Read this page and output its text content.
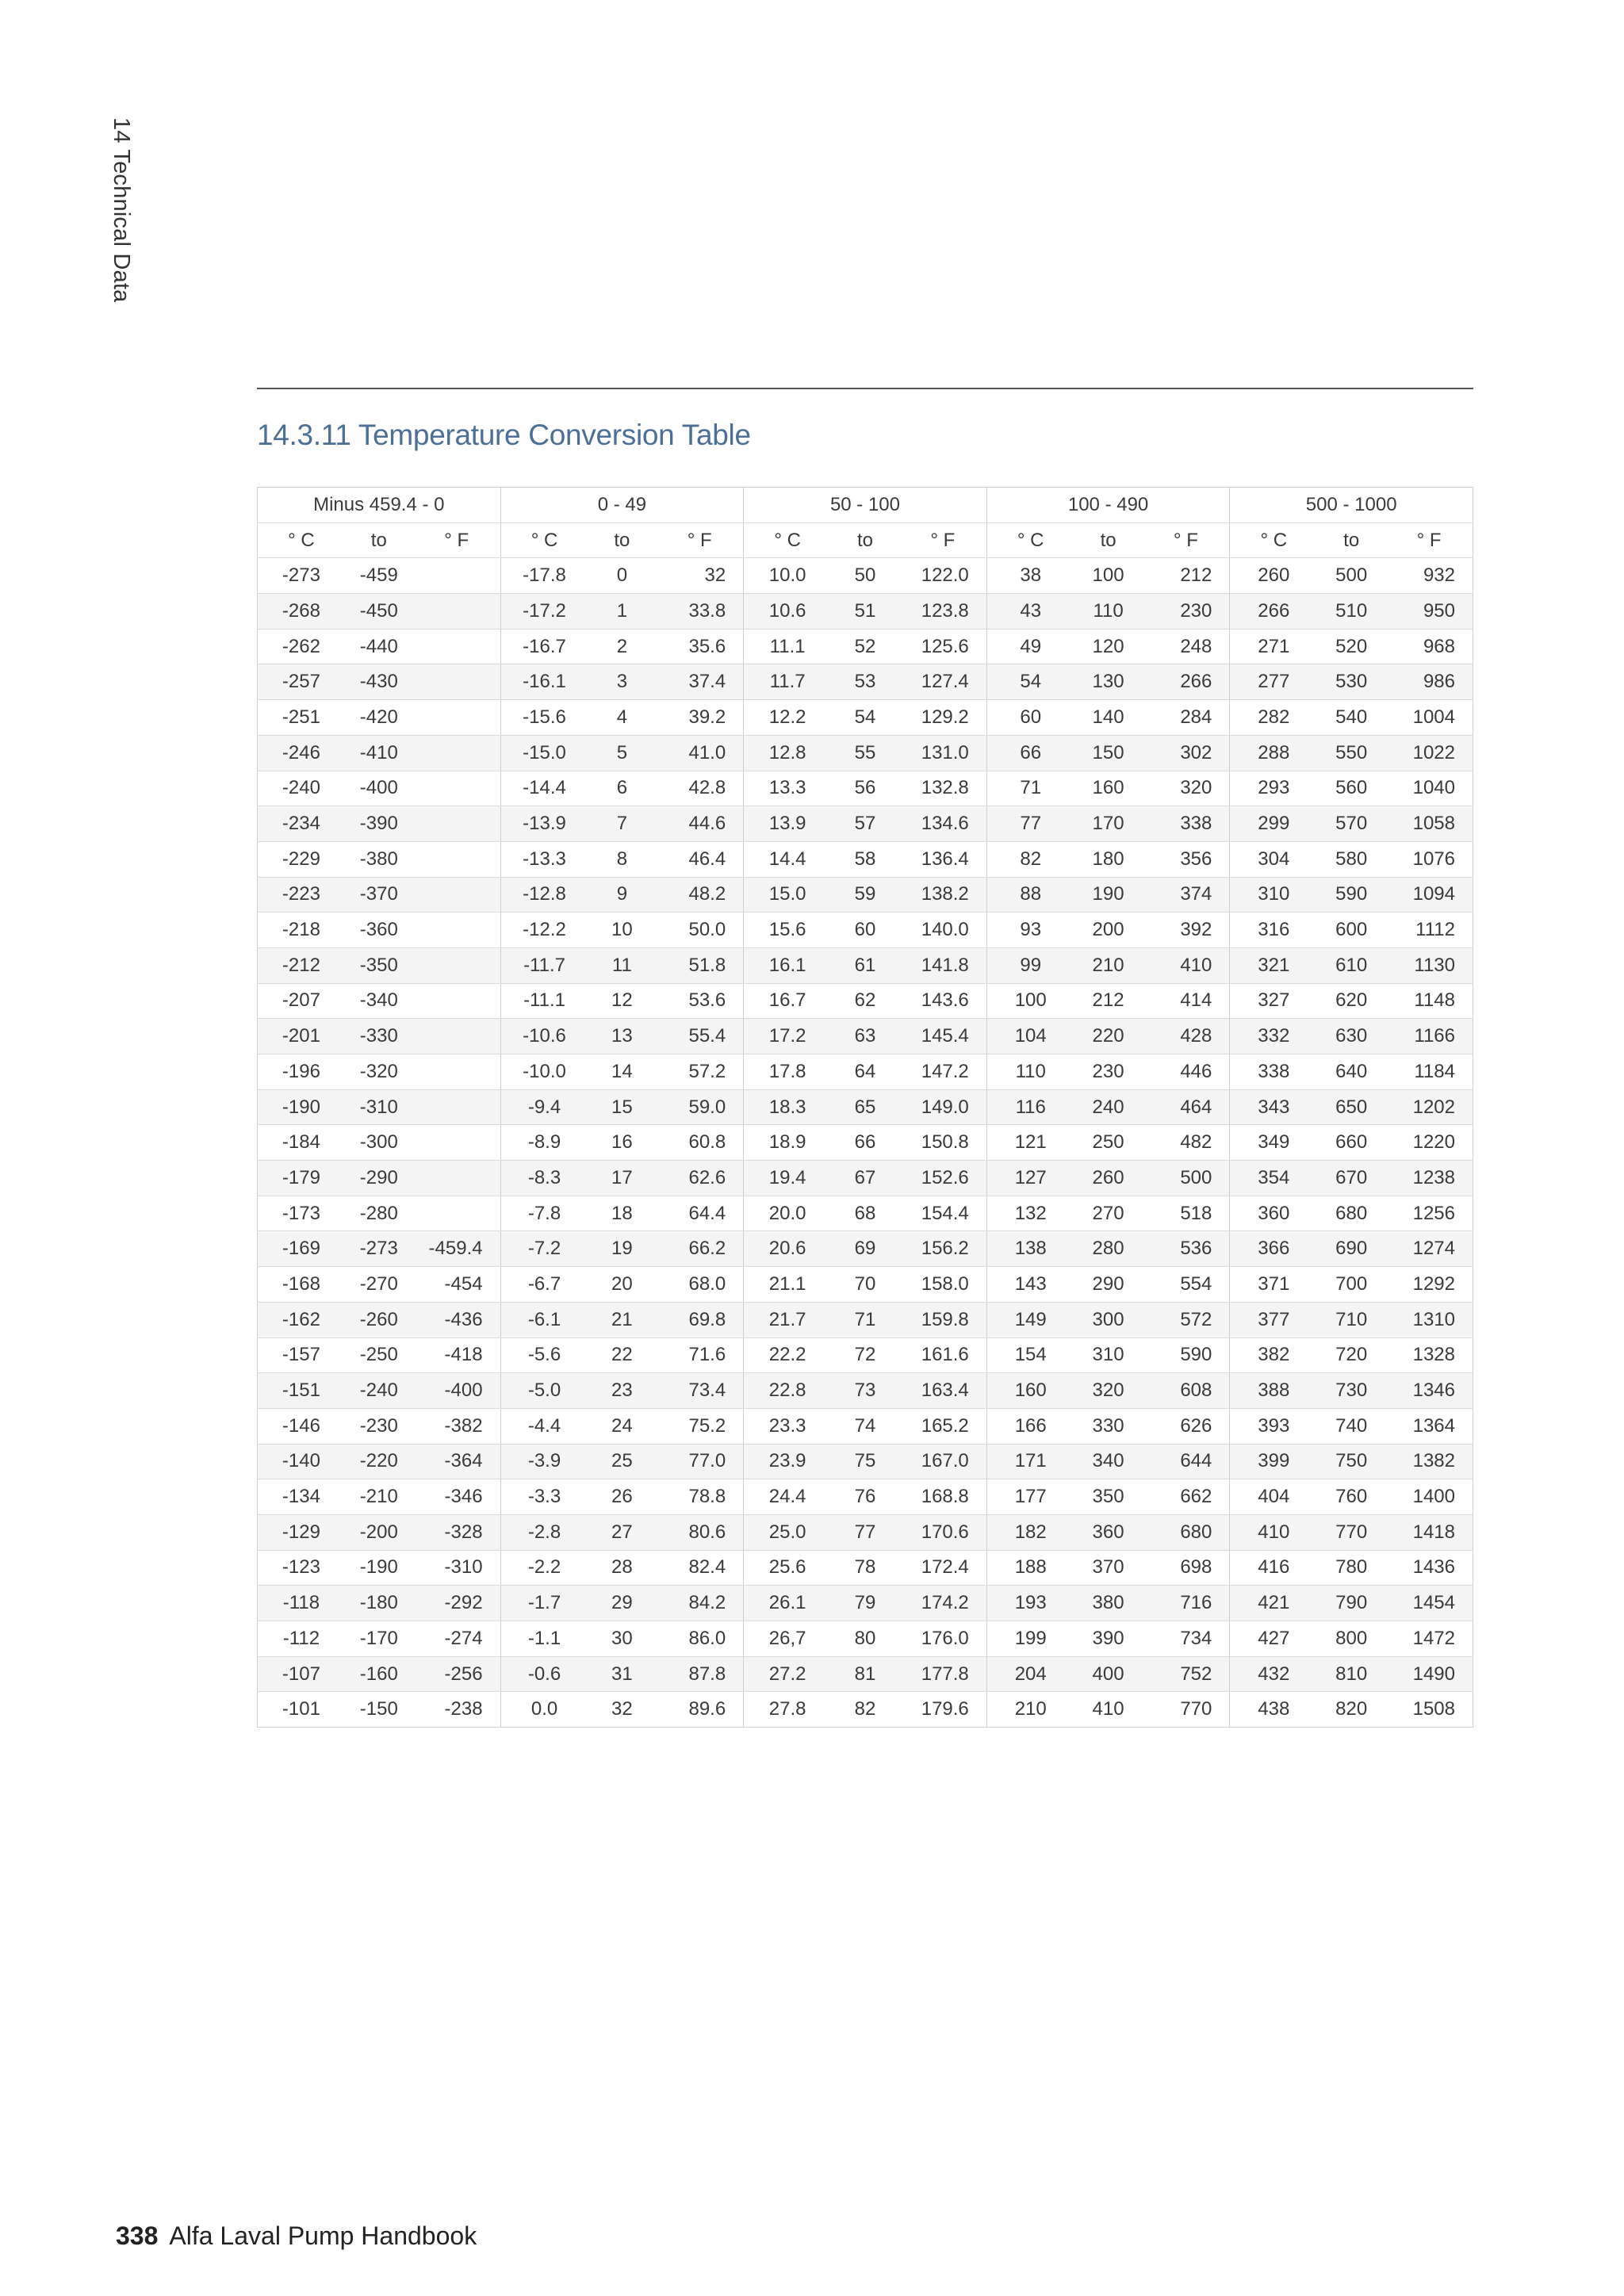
14 Technical Data
14.3.11 Temperature Conversion Table
Minus 459.4 - 0			0 - 49			50 - 100			100 - 490			500 - 1000		
° C	to	° F	° C	to	° F	° C	to	° F	° C	to	° F	° C	to	° F
-273	-459		-17.8	0	32	10.0	50	122.0	38	100	212	260	500	932
-268	-450		-17.2	1	33.8	10.6	51	123.8	43	110	230	266	510	950
-262	-440		-16.7	2	35.6	11.1	52	125.6	49	120	248	271	520	968
-257	-430		-16.1	3	37.4	11.7	53	127.4	54	130	266	277	530	986
-251	-420		-15.6	4	39.2	12.2	54	129.2	60	140	284	282	540	1004
-246	-410		-15.0	5	41.0	12.8	55	131.0	66	150	302	288	550	1022
-240	-400		-14.4	6	42.8	13.3	56	132.8	71	160	320	293	560	1040
-234	-390		-13.9	7	44.6	13.9	57	134.6	77	170	338	299	570	1058
-229	-380		-13.3	8	46.4	14.4	58	136.4	82	180	356	304	580	1076
-223	-370		-12.8	9	48.2	15.0	59	138.2	88	190	374	310	590	1094
-218	-360		-12.2	10	50.0	15.6	60	140.0	93	200	392	316	600	1112
-212	-350		-11.7	11	51.8	16.1	61	141.8	99	210	410	321	610	1130
-207	-340		-11.1	12	53.6	16.7	62	143.6	100	212	414	327	620	1148
-201	-330		-10.6	13	55.4	17.2	63	145.4	104	220	428	332	630	1166
-196	-320		-10.0	14	57.2	17.8	64	147.2	110	230	446	338	640	1184
-190	-310		-9.4	15	59.0	18.3	65	149.0	116	240	464	343	650	1202
-184	-300		-8.9	16	60.8	18.9	66	150.8	121	250	482	349	660	1220
-179	-290		-8.3	17	62.6	19.4	67	152.6	127	260	500	354	670	1238
-173	-280		-7.8	18	64.4	20.0	68	154.4	132	270	518	360	680	1256
-169	-273	-459.4	-7.2	19	66.2	20.6	69	156.2	138	280	536	366	690	1274
-168	-270	-454	-6.7	20	68.0	21.1	70	158.0	143	290	554	371	700	1292
-162	-260	-436	-6.1	21	69.8	21.7	71	159.8	149	300	572	377	710	1310
-157	-250	-418	-5.6	22	71.6	22.2	72	161.6	154	310	590	382	720	1328
-151	-240	-400	-5.0	23	73.4	22.8	73	163.4	160	320	608	388	730	1346
-146	-230	-382	-4.4	24	75.2	23.3	74	165.2	166	330	626	393	740	1364
-140	-220	-364	-3.9	25	77.0	23.9	75	167.0	171	340	644	399	750	1382
-134	-210	-346	-3.3	26	78.8	24.4	76	168.8	177	350	662	404	760	1400
-129	-200	-328	-2.8	27	80.6	25.0	77	170.6	182	360	680	410	770	1418
-123	-190	-310	-2.2	28	82.4	25.6	78	172.4	188	370	698	416	780	1436
-118	-180	-292	-1.7	29	84.2	26.1	79	174.2	193	380	716	421	790	1454
-112	-170	-274	-1.1	30	86.0	26,7	80	176.0	199	390	734	427	800	1472
-107	-160	-256	-0.6	31	87.8	27.2	81	177.8	204	400	752	432	810	1490
-101	-150	-238	0.0	32	89.6	27.8	82	179.6	210	410	770	438	820	1508
338 Alfa Laval Pump Handbook
